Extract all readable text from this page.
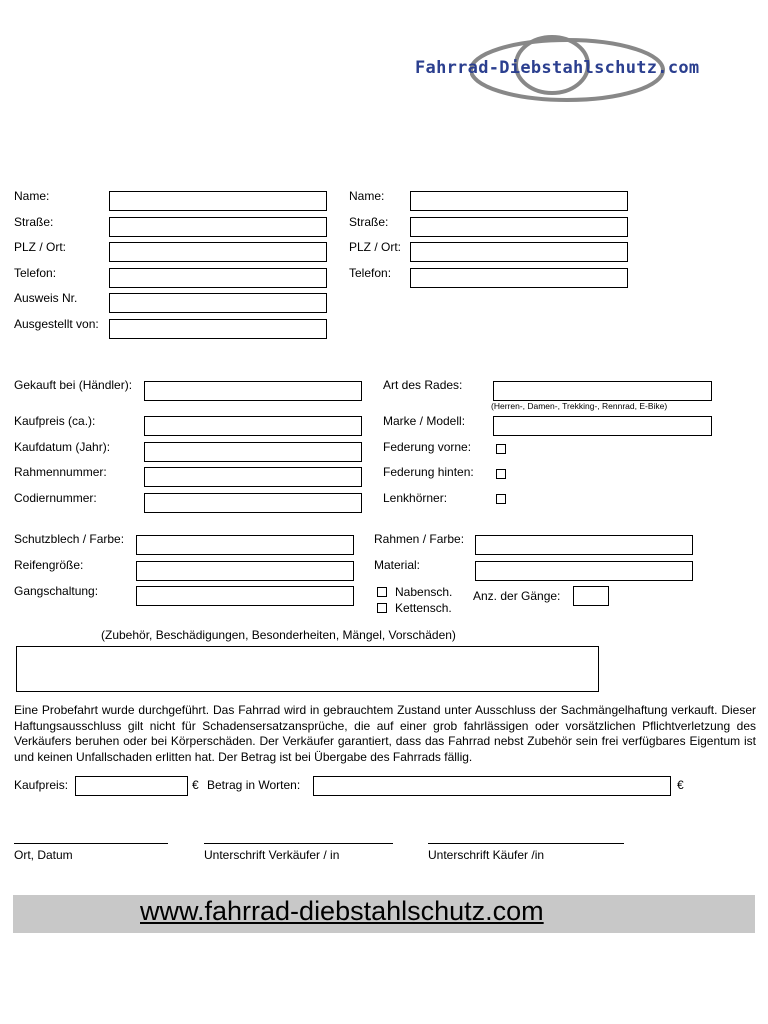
Fahrrad-Diebstahlschutz.com
Name:
Straße:
PLZ / Ort:
Telefon:
Ausweis Nr.
Ausgestellt von:
Name:
Straße:
PLZ / Ort:
Telefon:
Gekauft bei (Händler):
Kaufpreis (ca.):
Kaufdatum (Jahr):
Rahmennummer:
Codiernummer:
Art des Rades:
(Herren-, Damen-, Trekking-, Rennrad, E-Bike)
Marke / Modell:
Federung vorne:
Federung hinten:
Lenkhörner:
Schutzblech / Farbe:
Reifengröße:
Gangschaltung:
Rahmen / Farbe:
Material:
Nabensch.
Kettensch.
Anz. der Gänge:
(Zubehör, Beschädigungen, Besonderheiten, Mängel, Vorschäden)
Eine Probefahrt wurde durchgeführt. Das Fahrrad wird in gebrauchtem Zustand unter Ausschluss der Sachmängelhaftung verkauft. Dieser Haftungsausschluss gilt nicht für Schadensersatzansprüche, die auf einer grob fahrlässigen oder vorsätzlichen Pflichtverletzung des Verkäufers beruhen oder bei Körperschäden. Der Verkäufer garantiert, dass das Fahrrad nebst Zubehör sein frei verfügbares Eigentum ist und keinen Unfallschaden erlitten hat. Der Betrag ist bei Übergabe des Fahrrads fällig.
Kaufpreis:	€ Betrag in Worten:	€
Ort, Datum	Unterschrift Verkäufer / in	Unterschrift Käufer /in
www.fahrrad-diebstahlschutz.com
